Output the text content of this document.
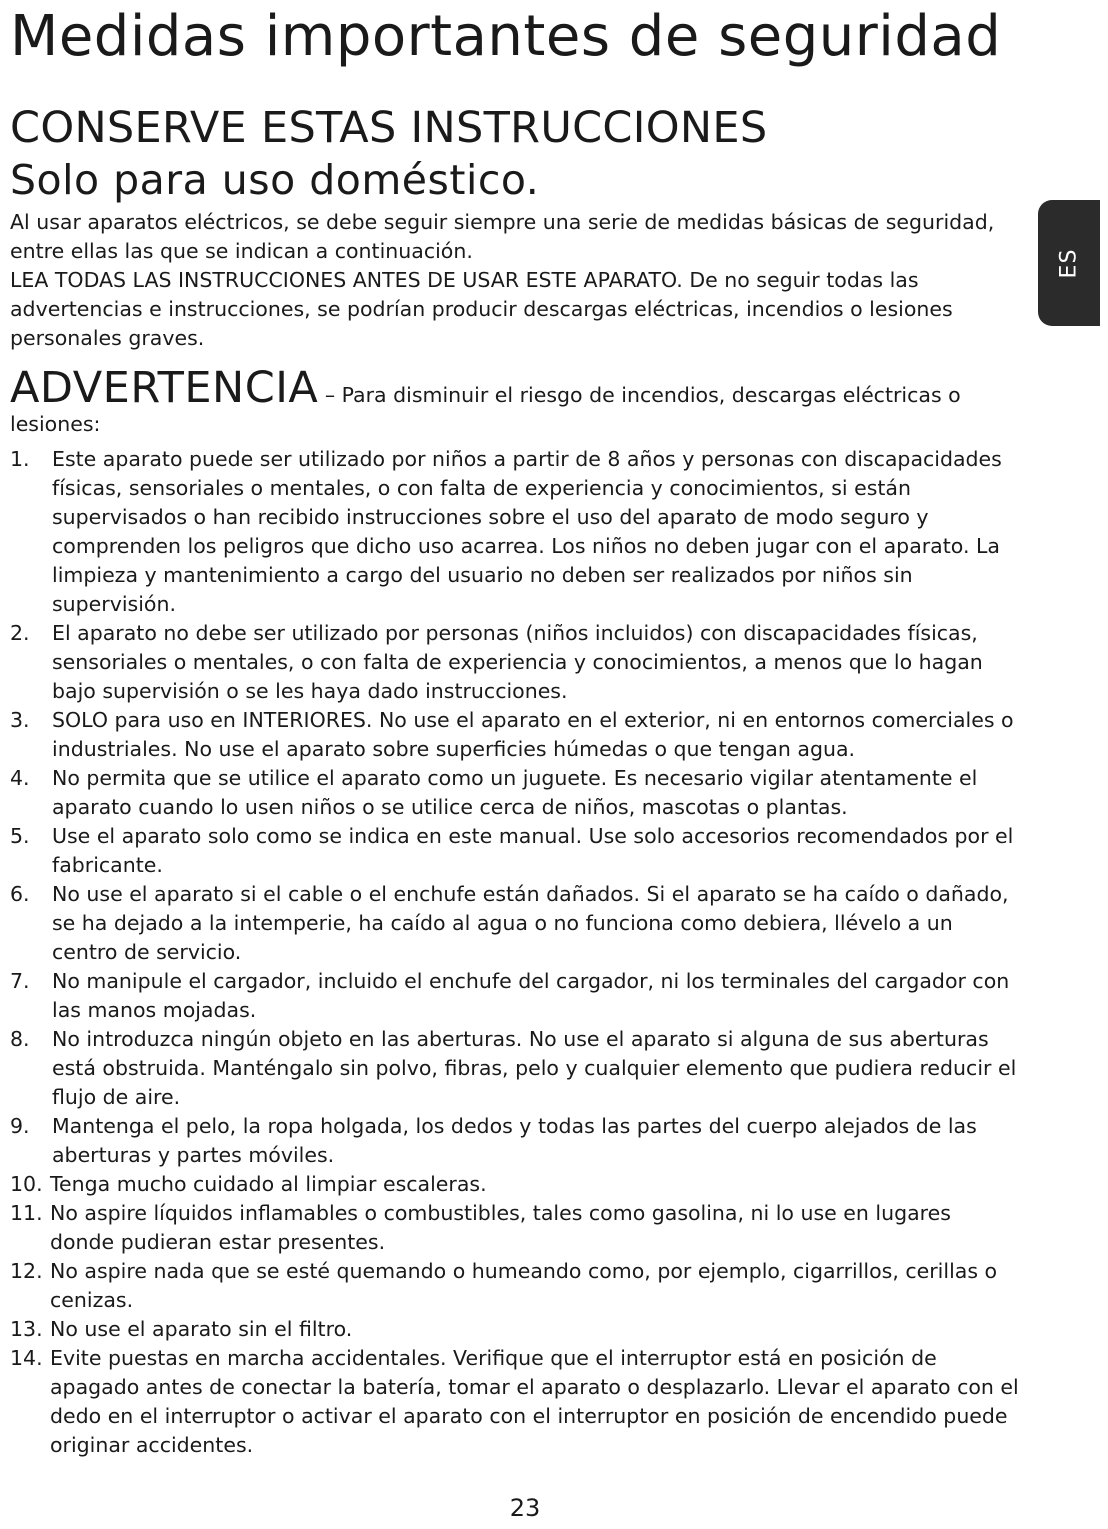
Medidas importantes de seguridad
CONSERVE ESTAS INSTRUCCIONES
Solo para uso doméstico.

Al usar aparatos eléctricos, se debe seguir siempre una serie de medidas básicas de seguridad, entre ellas las que se indican a continuación.

LEA TODAS LAS INSTRUCCIONES ANTES DE USAR ESTE APARATO. De no seguir todas las advertencias e instrucciones, se podrían producir descargas eléctricas, incendios o lesiones personales graves.

ADVERTENCIA – Para disminuir el riesgo de incendios, descargas eléctricas o lesiones:
1. Este aparato puede ser utilizado por niños a partir de 8 años y personas con discapacidades físicas, sensoriales o mentales, o con falta de experiencia y conocimientos, si están supervisados o han recibido instrucciones sobre el uso del aparato de modo seguro y comprenden los peligros que dicho uso acarrea. Los niños no deben jugar con el aparato. La limpieza y mantenimiento a cargo del usuario no deben ser realizados por niños sin supervisión.
2. El aparato no debe ser utilizado por personas (niños incluidos) con discapacidades físicas, sensoriales o mentales, o con falta de experiencia y conocimientos, a menos que lo hagan bajo supervisión o se les haya dado instrucciones.
3. SOLO para uso en INTERIORES. No use el aparato en el exterior, ni en entornos comerciales o industriales. No use el aparato sobre superficies húmedas o que tengan agua.
4. No permita que se utilice el aparato como un juguete. Es necesario vigilar atentamente el aparato cuando lo usen niños o se utilice cerca de niños, mascotas o plantas.
5. Use el aparato solo como se indica en este manual. Use solo accesorios recomendados por el fabricante.
6. No use el aparato si el cable o el enchufe están dañados. Si el aparato se ha caído o dañado, se ha dejado a la intemperie, ha caído al agua o no funciona como debiera, llévelo a un centro de servicio.
7. No manipule el cargador, incluido el enchufe del cargador, ni los terminales del cargador con las manos mojadas.
8. No introduzca ningún objeto en las aberturas. No use el aparato si alguna de sus aberturas está obstruida. Manténgalo sin polvo, fibras, pelo y cualquier elemento que pudiera reducir el flujo de aire.
9. Mantenga el pelo, la ropa holgada, los dedos y todas las partes del cuerpo alejados de las aberturas y partes móviles.
10. Tenga mucho cuidado al limpiar escaleras.
11. No aspire líquidos inflamables o combustibles, tales como gasolina, ni lo use en lugares donde pudieran estar presentes.
12. No aspire nada que se esté quemando o humeando como, por ejemplo, cigarrillos, cerillas o cenizas.
13. No use el aparato sin el filtro.
14. Evite puestas en marcha accidentales. Verifique que el interruptor está en posición de apagado antes de conectar la batería, tomar el aparato o desplazarlo. Llevar el aparato con el dedo en el interruptor o activar el aparato con el interruptor en posición de encendido puede originar accidentes.
23
ES
